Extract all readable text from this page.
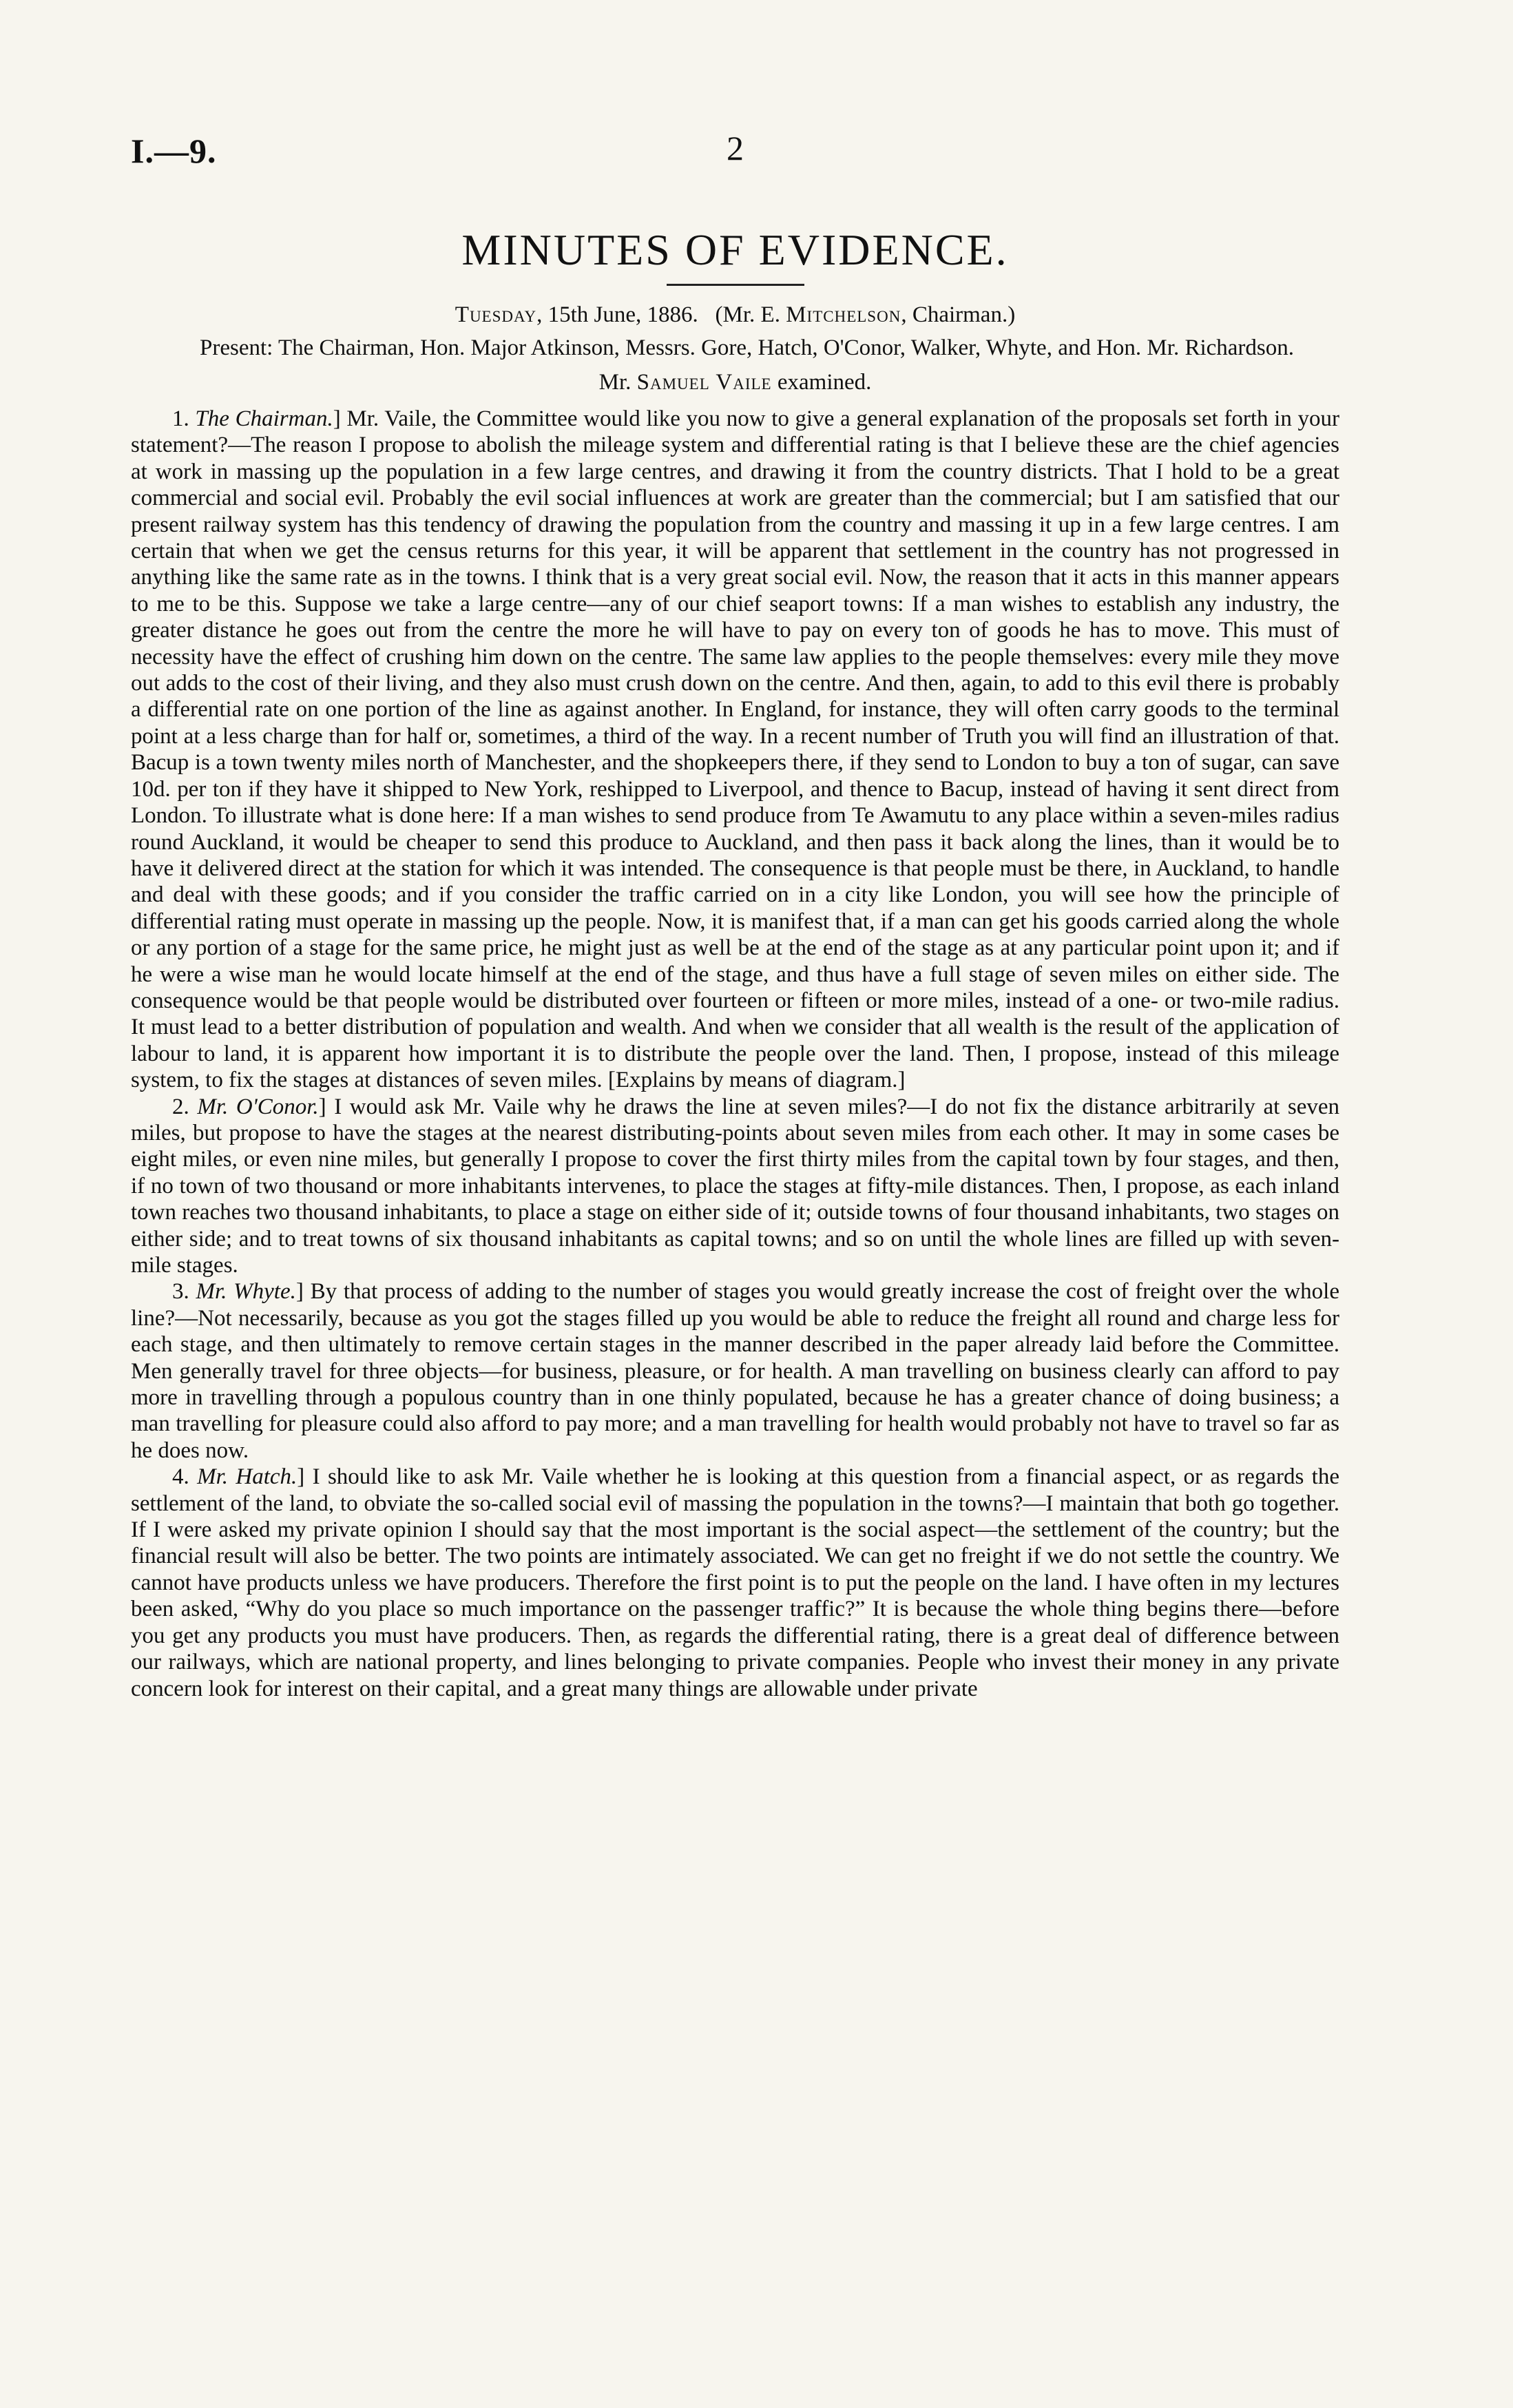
I.—9.	2
MINUTES OF EVIDENCE.
Tuesday, 15th June, 1886. (Mr. E. Mitchelson, Chairman.)
Present: The Chairman, Hon. Major Atkinson, Messrs. Gore, Hatch, O'Conor, Walker, Whyte, and Hon. Mr. Richardson.
Mr. Samuel Vaile examined.

1. The Chairman.] Mr. Vaile, the Committee would like you now to give a general explanation of the proposals set forth in your statement?—The reason I propose to abolish the mileage system and differential rating is that I believe these are the chief agencies at work in massing up the population in a few large centres, and drawing it from the country districts. That I hold to be a great commercial and social evil. Probably the evil social influences at work are greater than the commercial; but I am satisfied that our present railway system has this tendency of drawing the population from the country and massing it up in a few large centres. I am certain that when we get the census returns for this year, it will be apparent that settlement in the country has not progressed in anything like the same rate as in the towns. I think that is a very great social evil. Now, the reason that it acts in this manner appears to me to be this. Suppose we take a large centre—any of our chief seaport towns: If a man wishes to establish any industry, the greater distance he goes out from the centre the more he will have to pay on every ton of goods he has to move. This must of necessity have the effect of crushing him down on the centre. The same law applies to the people themselves: every mile they move out adds to the cost of their living, and they also must crush down on the centre. And then, again, to add to this evil there is probably a differential rate on one portion of the line as against another. In England, for instance, they will often carry goods to the terminal point at a less charge than for half or, sometimes, a third of the way. In a recent number of Truth you will find an illustration of that. Bacup is a town twenty miles north of Manchester, and the shopkeepers there, if they send to London to buy a ton of sugar, can save 10d. per ton if they have it shipped to New York, reshipped to Liverpool, and thence to Bacup, instead of having it sent direct from London. To illustrate what is done here: If a man wishes to send produce from Te Awamutu to any place within a seven-miles radius round Auckland, it would be cheaper to send this produce to Auckland, and then pass it back along the lines, than it would be to have it delivered direct at the station for which it was intended. The consequence is that people must be there, in Auckland, to handle and deal with these goods; and if you consider the traffic carried on in a city like London, you will see how the principle of differential rating must operate in massing up the people. Now, it is manifest that, if a man can get his goods carried along the whole or any portion of a stage for the same price, he might just as well be at the end of the stage as at any particular point upon it; and if he were a wise man he would locate himself at the end of the stage, and thus have a full stage of seven miles on either side. The consequence would be that people would be distributed over fourteen or fifteen or more miles, instead of a one- or two-mile radius. It must lead to a better distribution of population and wealth. And when we consider that all wealth is the result of the application of labour to land, it is apparent how important it is to distribute the people over the land. Then, I propose, instead of this mileage system, to fix the stages at distances of seven miles. [Explains by means of diagram.]

2. Mr. O'Conor.] I would ask Mr. Vaile why he draws the line at seven miles?—I do not fix the distance arbitrarily at seven miles, but propose to have the stages at the nearest distributing-points about seven miles from each other. It may in some cases be eight miles, or even nine miles, but generally I propose to cover the first thirty miles from the capital town by four stages, and then, if no town of two thousand or more inhabitants intervenes, to place the stages at fifty-mile distances. Then, I propose, as each inland town reaches two thousand inhabitants, to place a stage on either side of it; outside towns of four thousand inhabitants, two stages on either side; and to treat towns of six thousand inhabitants as capital towns; and so on until the whole lines are filled up with seven-mile stages.

3. Mr. Whyte.] By that process of adding to the number of stages you would greatly increase the cost of freight over the whole line?—Not necessarily, because as you got the stages filled up you would be able to reduce the freight all round and charge less for each stage, and then ultimately to remove certain stages in the manner described in the paper already laid before the Committee. Men generally travel for three objects—for business, pleasure, or for health. A man travelling on business clearly can afford to pay more in travelling through a populous country than in one thinly populated, because he has a greater chance of doing business; a man travelling for pleasure could also afford to pay more; and a man travelling for health would probably not have to travel so far as he does now.

4. Mr. Hatch.] I should like to ask Mr. Vaile whether he is looking at this question from a financial aspect, or as regards the settlement of the land, to obviate the so-called social evil of massing the population in the towns?—I maintain that both go together. If I were asked my private opinion I should say that the most important is the social aspect—the settlement of the country; but the financial result will also be better. The two points are intimately associated. We can get no freight if we do not settle the country. We cannot have products unless we have producers. Therefore the first point is to put the people on the land. I have often in my lectures been asked, “Why do you place so much importance on the passenger traffic?” It is because the whole thing begins there—before you get any products you must have producers. Then, as regards the differential rating, there is a great deal of difference between our railways, which are national property, and lines belonging to private companies. People who invest their money in any private concern look for interest on their capital, and a great many things are allowable under private
